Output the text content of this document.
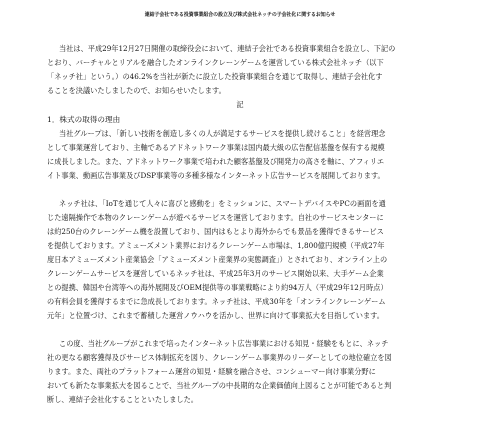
連結子会社である投資事業組合の設立及び株式会社ネッチの子会社化に関するお知らせ
当社は、平成29年12月27日開催の取締役会において、連結子会社である投資事業組合を設立し、下記の
とおり、バーチャルとリアルを融合したオンラインクレーンゲームを運営している株式会社ネッチ（以下
「ネッチ社」という。）の46.2%を当社が新たに設立した投資事業組合を通じて取得し、連結子会社化す
ることを決議いたしましたので、お知らせいたします。
記
1．株式の取得の理由
当社グループは、「新しい技術を創造し多くの人が満足するサービスを提供し続けること」を経営理念
として事業運営しており、主軸であるアドネットワーク事業は国内最大級の広告配信基盤を保有する規模
に成長しました。また、アドネットワーク事業で培われた顧客基盤及び開発力の高さを軸に、アフィリエ
イト事業、動画広告事業及びDSP事業等の多種多様なインターネット広告サービスを展開しております。
ネッチ社は、「IoTを通じて人々に喜びと感動を」をミッションに、スマートデバイスやPCの画面を通
じた遠隔操作で本物のクレーンゲームが遊べるサービスを運営しております。自社のサービスセンターに
は約250台のクレーンゲーム機を設置しており、国内はもとより海外からでも景品を獲得できるサービス
を提供しております。アミューズメント業界におけるクレーンゲーム市場は、1,800億円規模（平成27年
度日本アミューズメント産業協会「アミューズメント産業界の実態調査」）とされており、オンライン上の
クレーンゲームサービスを運営しているネッチ社は、平成25年3月のサービス開始以来、大手ゲーム企業
との提携、韓国や台湾等への海外展開及びOEM提供等の事業戦略により約94万人（平成29年12月時点）
の有料会員を獲得するまでに急成長しております。ネッチ社は、平成30年を「オンラインクレーンゲーム
元年」と位置づけ、これまで蓄積した運営ノウハウを活かし、世界に向けて事業拡大を目指しています。
この度、当社グループがこれまで培ったインターネット広告事業における知見・経験をもとに、ネッチ
社の更なる顧客獲得及びサービス体制拡充を図り、クレーンゲーム事業界のリーダーとしての地位確立を図
ります。また、両社のプラットフォーム運営の知見・経験を融合させ、コンシューマー向け事業分野に
おいても新たな事業拡大を図ることで、当社グループの中長期的な企業価値向上図ることが可能であると判
断し、連結子会社化することといたしました。
